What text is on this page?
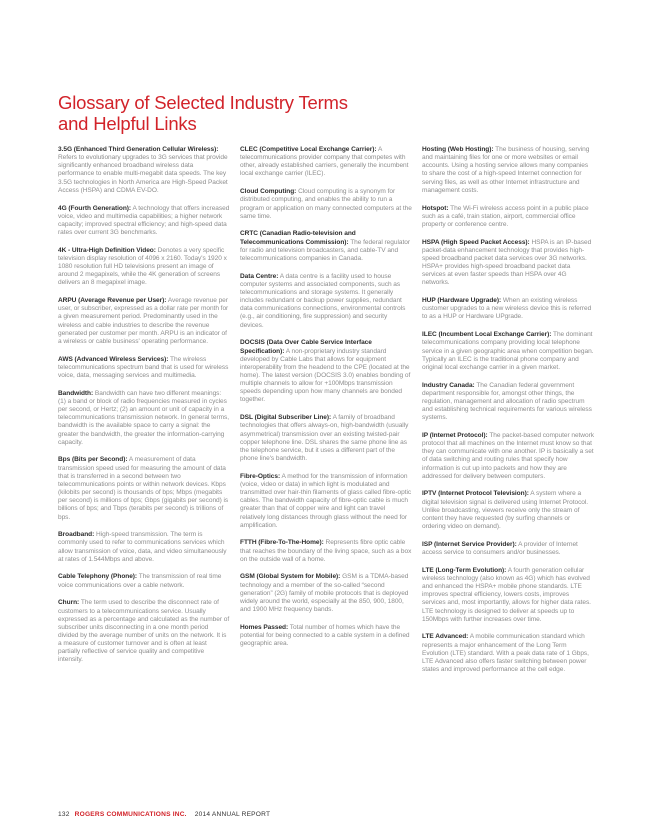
Glossary of Selected Industry Terms and Helpful Links

3.5G (Enhanced Third Generation Cellular Wireless): Refers to evolutionary upgrades to 3G services that provide significantly enhanced broadband wireless data performance to enable multi-megabit data speeds. The key 3.5G technologies in North America are High-Speed Packet Access (HSPA) and CDMA EV-DO.

4G (Fourth Generation): A technology that offers increased voice, video and multimedia capabilities; a higher network capacity; improved spectral efficiency; and high-speed data rates over current 3G benchmarks.

4K - Ultra-High Definition Video: Denotes a very specific television display resolution of 4096 x 2160. Today's 1920 x 1080 resolution full HD televisions present an image of around 2 megapixels, while the 4K generation of screens delivers an 8 megapixel image.

ARPU (Average Revenue per User): Average revenue per user, or subscriber, expressed as a dollar rate per month for a given measurement period. Predominantly used in the wireless and cable industries to describe the revenue generated per customer per month. ARPU is an indicator of a wireless or cable business' operating performance.

AWS (Advanced Wireless Services): The wireless telecommunications spectrum band that is used for wireless voice, data, messaging services and multimedia.

Bandwidth: Bandwidth can have two different meanings: (1) a band or block of radio frequencies measured in cycles per second, or Hertz; (2) an amount or unit of capacity in a telecommunications transmission network. In general terms, bandwidth is the available space to carry a signal: the greater the bandwidth, the greater the information-carrying capacity.

Bps (Bits per Second): A measurement of data transmission speed used for measuring the amount of data that is transferred in a second between two telecommunications points or within network devices. Kbps (kilobits per second) is thousands of bps; Mbps (megabits per second) is millions of bps; Gbps (gigabits per second) is billions of bps; and Tbps (terabits per second) is trillions of bps.

Broadband: High-speed transmission. The term is commonly used to refer to communications services which allow transmission of voice, data, and video simultaneously at rates of 1.544Mbps and above.

Cable Telephony (Phone): The transmission of real time voice communications over a cable network.

Churn: The term used to describe the disconnect rate of customers to a telecommunications service. Usually expressed as a percentage and calculated as the number of subscriber units disconnecting in a one month period divided by the average number of units on the network. It is a measure of customer turnover and is often at least partially reflective of service quality and competitive intensity.

CLEC (Competitive Local Exchange Carrier): A telecommunications provider company that competes with other, already established carriers, generally the incumbent local exchange carrier (ILEC).

Cloud Computing: Cloud computing is a synonym for distributed computing, and enables the ability to run a program or application on many connected computers at the same time.

CRTC (Canadian Radio-television and Telecommunications Commission): The federal regulator for radio and television broadcasters, and cable-TV and telecommunications companies in Canada.

Data Centre: A data centre is a facility used to house computer systems and associated components, such as telecommunications and storage systems. It generally includes redundant or backup power supplies, redundant data communications connections, environmental controls (e.g., air conditioning, fire suppression) and security devices.

DOCSIS (Data Over Cable Service Interface Specification): A non-proprietary industry standard developed by Cable Labs that allows for equipment interoperability from the headend to the CPE (located at the home). The latest version (DOCSIS 3.0) enables bonding of multiple channels to allow for +100Mbps transmission speeds depending upon how many channels are bonded together.

DSL (Digital Subscriber Line): A family of broadband technologies that offers always-on, high-bandwidth (usually asymmetrical) transmission over an existing twisted-pair copper telephone line. DSL shares the same phone line as the telephone service, but it uses a different part of the phone line's bandwidth.

Fibre-Optics: A method for the transmission of information (voice, video or data) in which light is modulated and transmitted over hair-thin filaments of glass called fibre-optic cables. The bandwidth capacity of fibre-optic cable is much greater than that of copper wire and light can travel relatively long distances through glass without the need for amplification.

FTTH (Fibre-To-The-Home): Represents fibre optic cable that reaches the boundary of the living space, such as a box on the outside wall of a home.

GSM (Global System for Mobile): GSM is a TDMA-based technology and a member of the so-called “second generation” (2G) family of mobile protocols that is deployed widely around the world, especially at the 850, 900, 1800, and 1900 MHz frequency bands.

Homes Passed: Total number of homes which have the potential for being connected to a cable system in a defined geographic area.

Hosting (Web Hosting): The business of housing, serving and maintaining files for one or more websites or email accounts. Using a hosting service allows many companies to share the cost of a high-speed Internet connection for serving files, as well as other Internet infrastructure and management costs.

Hotspot: The Wi-Fi wireless access point in a public place such as a café, train station, airport, commercial office property or conference centre.

HSPA (High Speed Packet Access): HSPA is an IP-based packet-data enhancement technology that provides high-speed broadband packet data services over 3G networks. HSPA+ provides high-speed broadband packet data services at even faster speeds than HSPA over 4G networks.

HUP (Hardware Upgrade): When an existing wireless customer upgrades to a new wireless device this is referred to as a HUP or Hardware UPgrade.

ILEC (Incumbent Local Exchange Carrier): The dominant telecommunications company providing local telephone service in a given geographic area when competition began. Typically an ILEC is the traditional phone company and original local exchange carrier in a given market.

Industry Canada: The Canadian federal government department responsible for, amongst other things, the regulation, management and allocation of radio spectrum and establishing technical requirements for various wireless systems.

IP (Internet Protocol): The packet-based computer network protocol that all machines on the Internet must know so that they can communicate with one another. IP is basically a set of data switching and routing rules that specify how information is cut up into packets and how they are addressed for delivery between computers.

IPTV (Internet Protocol Television): A system where a digital television signal is delivered using Internet Protocol. Unlike broadcasting, viewers receive only the stream of content they have requested (by surfing channels or ordering video on demand).

ISP (Internet Service Provider): A provider of Internet access service to consumers and/or businesses.

LTE (Long-Term Evolution): A fourth generation cellular wireless technology (also known as 4G) which has evolved and enhanced the HSPA+ mobile phone standards. LTE improves spectral efficiency, lowers costs, improves services and, most importantly, allows for higher data rates. LTE technology is designed to deliver at speeds up to 150Mbps with further increases over time.

LTE Advanced: A mobile communication standard which represents a major enhancement of the Long Term Evolution (LTE) standard. With a peak data rate of 1 Gbps, LTE Advanced also offers faster switching between power states and improved performance at the cell edge.

132 ROGERS COMMUNICATIONS INC. 2014 ANNUAL REPORT
